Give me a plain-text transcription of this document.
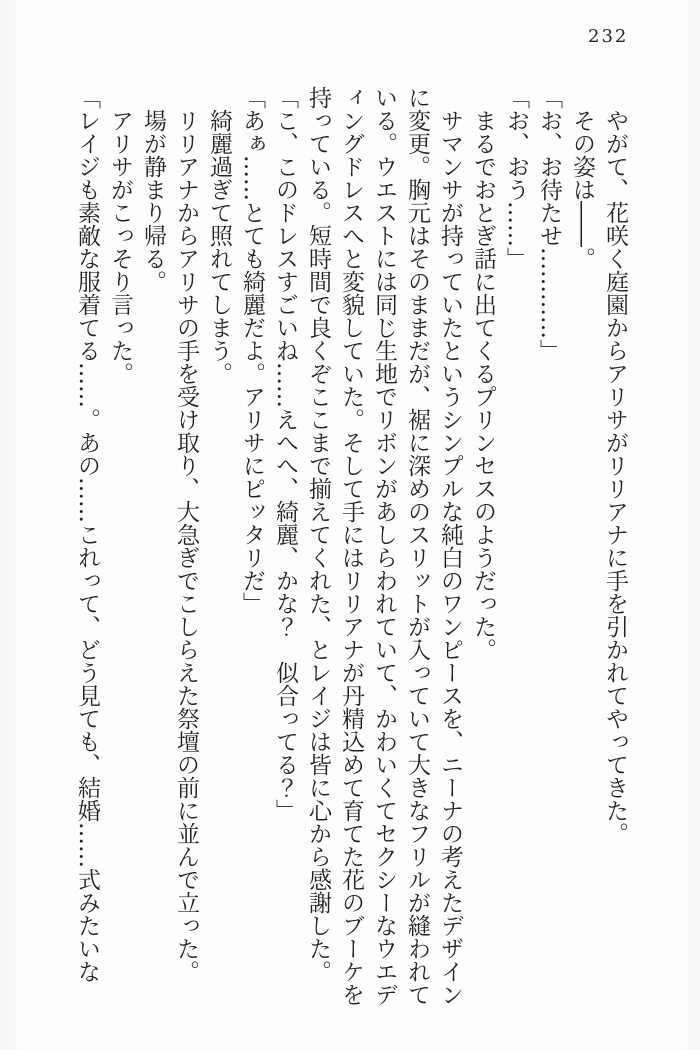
232

　やがて、花咲く庭園からアリサがリリアナに手を引かれてやってきた。

　その姿は――。

「お、お待たせ…………」

「お、おう……」

　まるでおとぎ話に出てくるプリンセスのようだった。

　サマンサが持っていたというシンプルな純白のワンピースを、ニーナの考えたデザイン

に変更。胸元はそのままだが、裾に深めのスリットが入っていて大きなフリルが縫われて

いる。ウエストには同じ生地でリボンがあしらわれていて、かわいくてセクシーなウエデ

ィングドレスへと変貌していた。そして手にはリリアナが丹精込めて育てた花のブーケを

持っている。短時間で良くぞここまで揃えてくれた、とレイジは皆に心から感謝した。

「こ、このドレスすごいね……えへへ、綺麗、かな？　似合ってる？」

「あぁ……とても綺麗だよ。アリサにピッタリだ」

　綺麗過ぎて照れてしまう。

　リリアナからアリサの手を受け取り、大急ぎでこしらえた祭壇の前に並んで立った。

　場が静まり帰る。

　アリサがこっそり言った。

「レイジも素敵な服着てる……。あの……これって、どう見ても、結婚……式みたいな
